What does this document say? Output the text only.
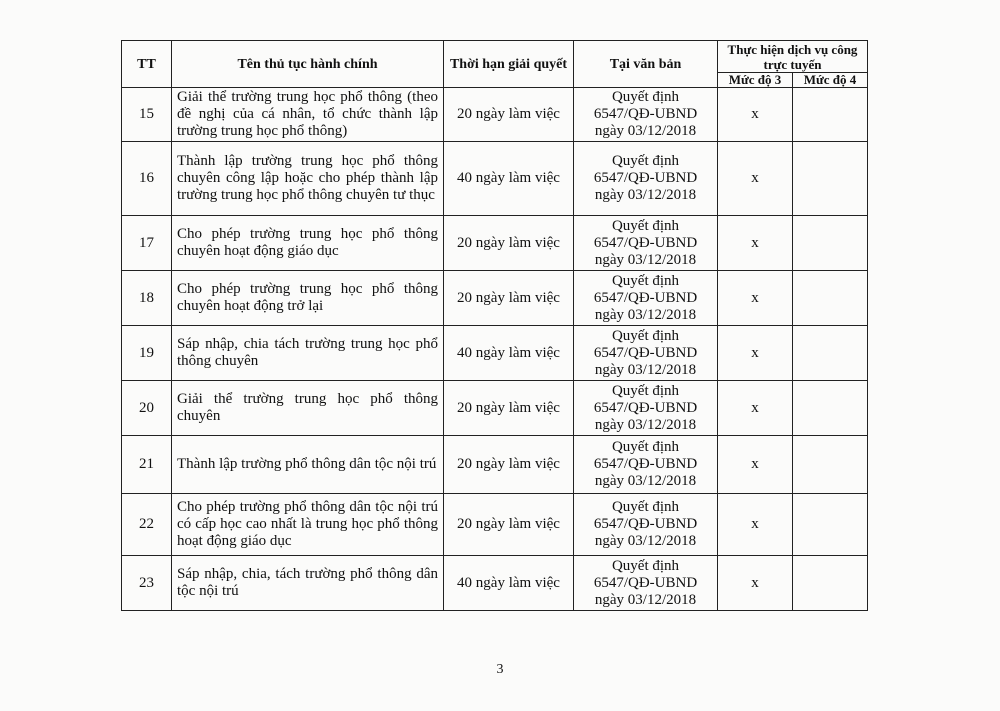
TT	Tên thủ tục hành chính	Thời hạn giải quyết	Tại văn bản	Thực hiện dịch vụ công trực tuyến	
				Mức độ 3	Mức độ 4
15	Giải thể trường trung học phổ thông (theo đề nghị của cá nhân, tổ chức thành lập trường trung học phổ thông)	20 ngày làm việc	Quyết định
6547/QĐ-UBND
ngày 03/12/2018	x	
16	Thành lập trường trung học phổ thông chuyên công lập hoặc cho phép thành lập trường trung học phổ thông chuyên tư thục	40 ngày làm việc	Quyết định
6547/QĐ-UBND
ngày 03/12/2018	x	
17	Cho phép trường trung học phổ thông chuyên hoạt động giáo dục	20 ngày làm việc	Quyết định
6547/QĐ-UBND
ngày 03/12/2018	x	
18	Cho phép trường trung học phổ thông chuyên hoạt động trở lại	20 ngày làm việc	Quyết định
6547/QĐ-UBND
ngày 03/12/2018	x	
19	Sáp nhập, chia tách trường trung học phổ thông chuyên	40 ngày làm việc	Quyết định
6547/QĐ-UBND
ngày 03/12/2018	x	
20	Giải thể trường trung học phổ thông chuyên	20 ngày làm việc	Quyết định
6547/QĐ-UBND
ngày 03/12/2018	x	
21	Thành lập trường phổ thông dân tộc nội trú	20 ngày làm việc	Quyết định
6547/QĐ-UBND
ngày 03/12/2018	x	
22	Cho phép trường phổ thông dân tộc nội trú có cấp học cao nhất là trung học phổ thông hoạt động giáo dục	20 ngày làm việc	Quyết định
6547/QĐ-UBND
ngày 03/12/2018	x	
23	Sáp nhập, chia, tách trường phổ thông dân tộc nội trú	40 ngày làm việc	Quyết định
6547/QĐ-UBND
ngày 03/12/2018	x	
3
